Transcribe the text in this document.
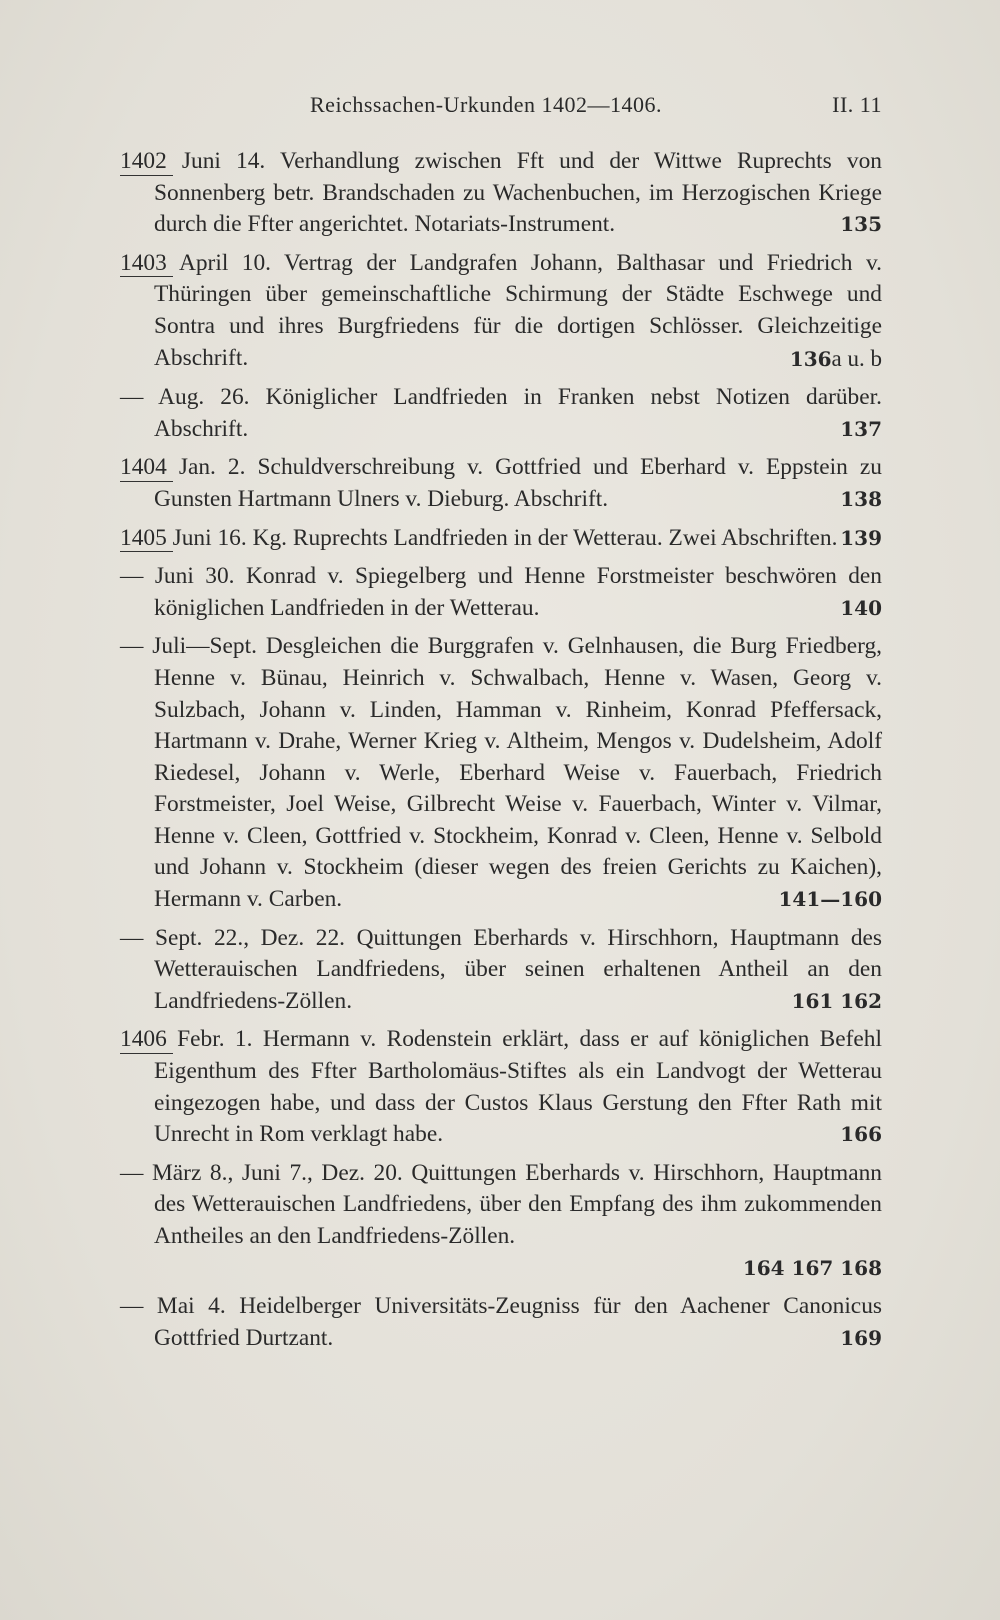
Reichssachen-Urkunden 1402—1406.	II. 11
1402 Juni 14. Verhandlung zwischen Fft und der Wittwe Ruprechts von Sonnenberg betr. Brandschaden zu Wachenbuchen, im Herzogischen Kriege durch die Ffter angerichtet. Notariats-Instrument.	135
1403 April 10. Vertrag der Landgrafen Johann, Balthasar und Friedrich v. Thüringen über gemeinschaftliche Schirmung der Städte Eschwege und Sontra und ihres Burgfriedens für die dortigen Schlösser. Gleichzeitige Abschrift.	136a u. b
— Aug. 26. Königlicher Landfrieden in Franken nebst Notizen darüber. Abschrift.	137
1404 Jan. 2. Schuldverschreibung v. Gottfried und Eberhard v. Eppstein zu Gunsten Hartmann Ulners v. Dieburg. Abschrift.	138
1405 Juni 16. Kg. Ruprechts Landfrieden in der Wetterau. Zwei Abschriften. 139
— Juni 30. Konrad v. Spiegelberg und Henne Forstmeister beschwören den königlichen Landfrieden in der Wetterau.	140
— Juli—Sept. Desgleichen die Burggrafen v. Gelnhausen, die Burg Friedberg, Henne v. Bünau, Heinrich v. Schwalbach, Henne v. Wasen, Georg v. Sulzbach, Johann v. Linden, Hamman v. Rinheim, Konrad Pfeffersack, Hartmann v. Drahe, Werner Krieg v. Altheim, Mengos v. Dudelsheim, Adolf Riedesel, Johann v. Werle, Eberhard Weise v. Fauerbach, Friedrich Forstmeister, Joel Weise, Gilbrecht Weise v. Fauerbach, Winter v. Vilmar, Henne v. Cleen, Gottfried v. Stockheim, Konrad v. Cleen, Henne v. Selbold und Johann v. Stockheim (dieser wegen des freien Gerichts zu Kaichen), Hermann v. Carben.	141—160
— Sept. 22., Dez. 22. Quittungen Eberhards v. Hirschhorn, Hauptmann des Wetterauischen Landfriedens, über seinen erhaltenen Antheil an den Landfriedens-Zöllen.	161 162
1406 Febr. 1. Hermann v. Rodenstein erklärt, dass er auf königlichen Befehl Eigenthum des Ffter Bartholomäus-Stiftes als ein Landvogt der Wetterau eingezogen habe, und dass der Custos Klaus Gerstung den Ffter Rath mit Unrecht in Rom verklagt habe.	166
— März 8., Juni 7., Dez. 20. Quittungen Eberhards v. Hirschhorn, Hauptmann des Wetterauischen Landfriedens, über den Empfang des ihm zukommenden Antheiles an den Landfriedens-Zöllen.
164 167 168
— Mai 4. Heidelberger Universitäts-Zeugniss für den Aachener Canonicus Gottfried Durtzant.	169
